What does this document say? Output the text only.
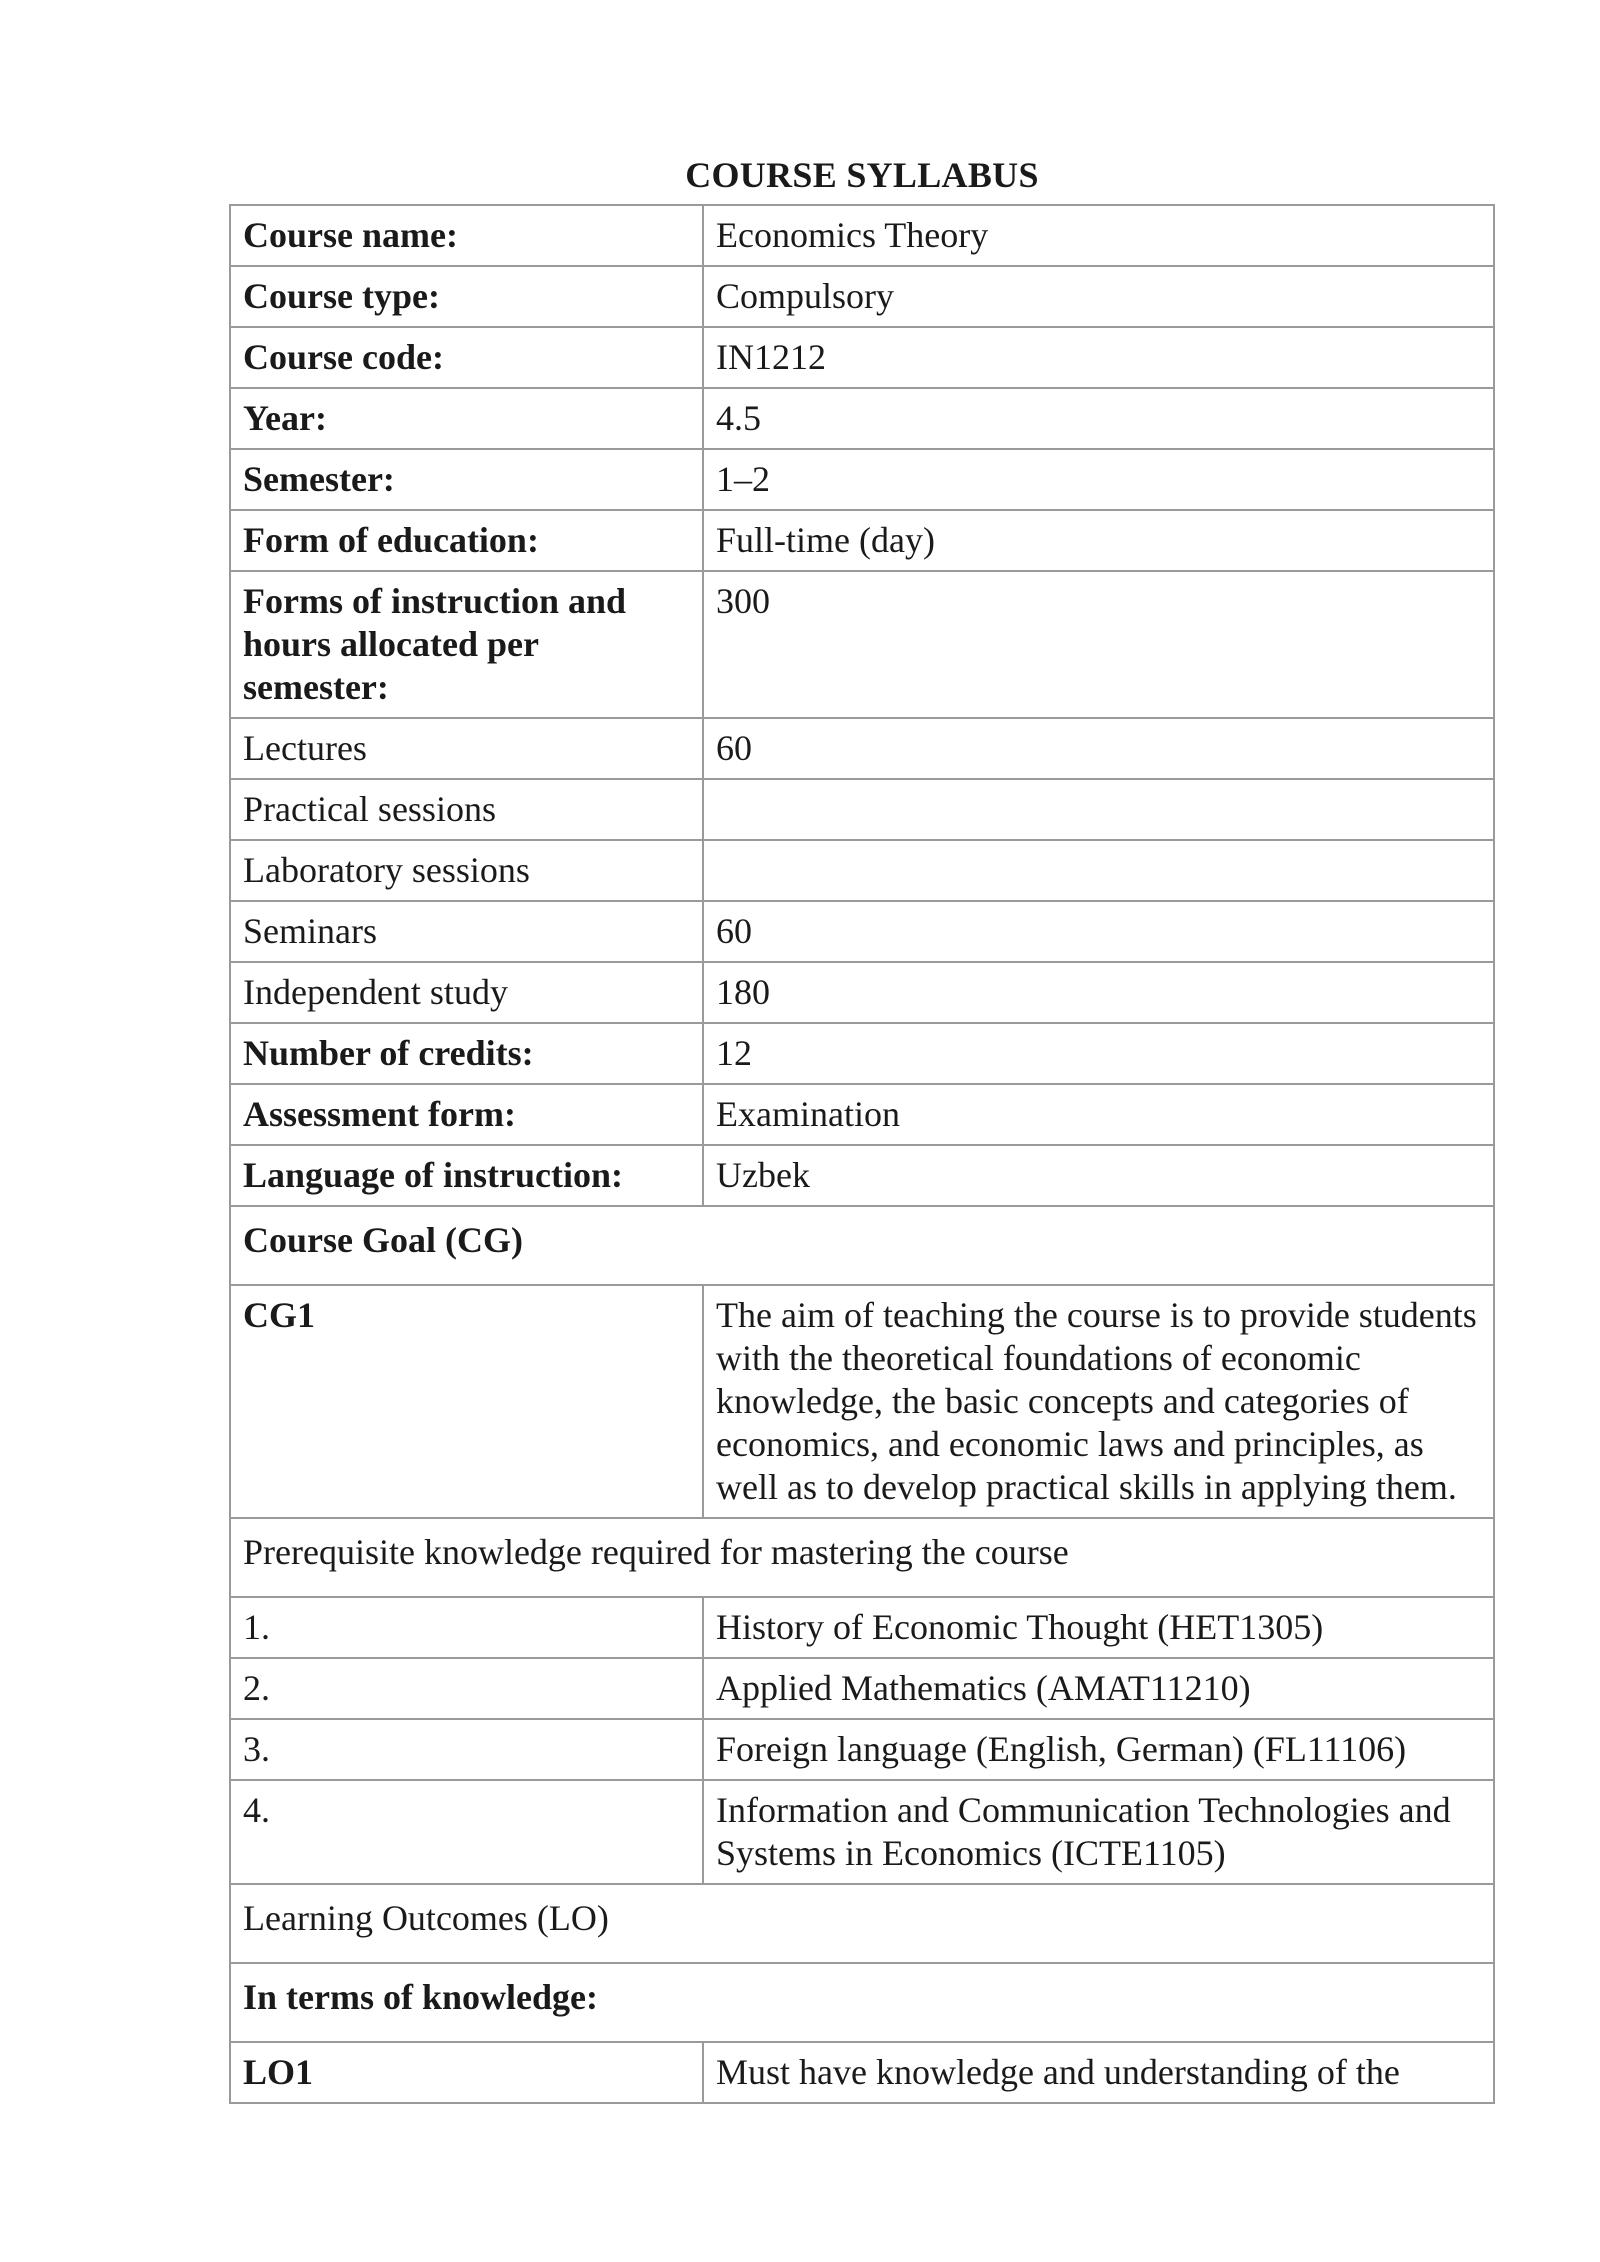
COURSE SYLLABUS
Course name:	Economics Theory
Course type:	Compulsory
Course code:	IN1212
Year:	4.5
Semester:	1–2
Form of education:	Full-time (day)
Forms of instruction and hours allocated per semester:	300
Lectures	60
Practical sessions	
Laboratory sessions	
Seminars	60
Independent study	180
Number of credits:	12
Assessment form:	Examination
Language of instruction:	Uzbek
Course Goal (CG)	
CG1	The aim of teaching the course is to provide students with the theoretical foundations of economic knowledge, the basic concepts and categories of economics, and economic laws and principles, as well as to develop practical skills in applying them.
Prerequisite knowledge required for mastering the course	
1.	History of Economic Thought (HET1305)
2.	Applied Mathematics (AMAT11210)
3.	Foreign language (English, German) (FL11106)
4.	Information and Communication Technologies and Systems in Economics (ICTE1105)
Learning Outcomes (LO)	
In terms of knowledge:	
LO1	Must have knowledge and understanding of the
